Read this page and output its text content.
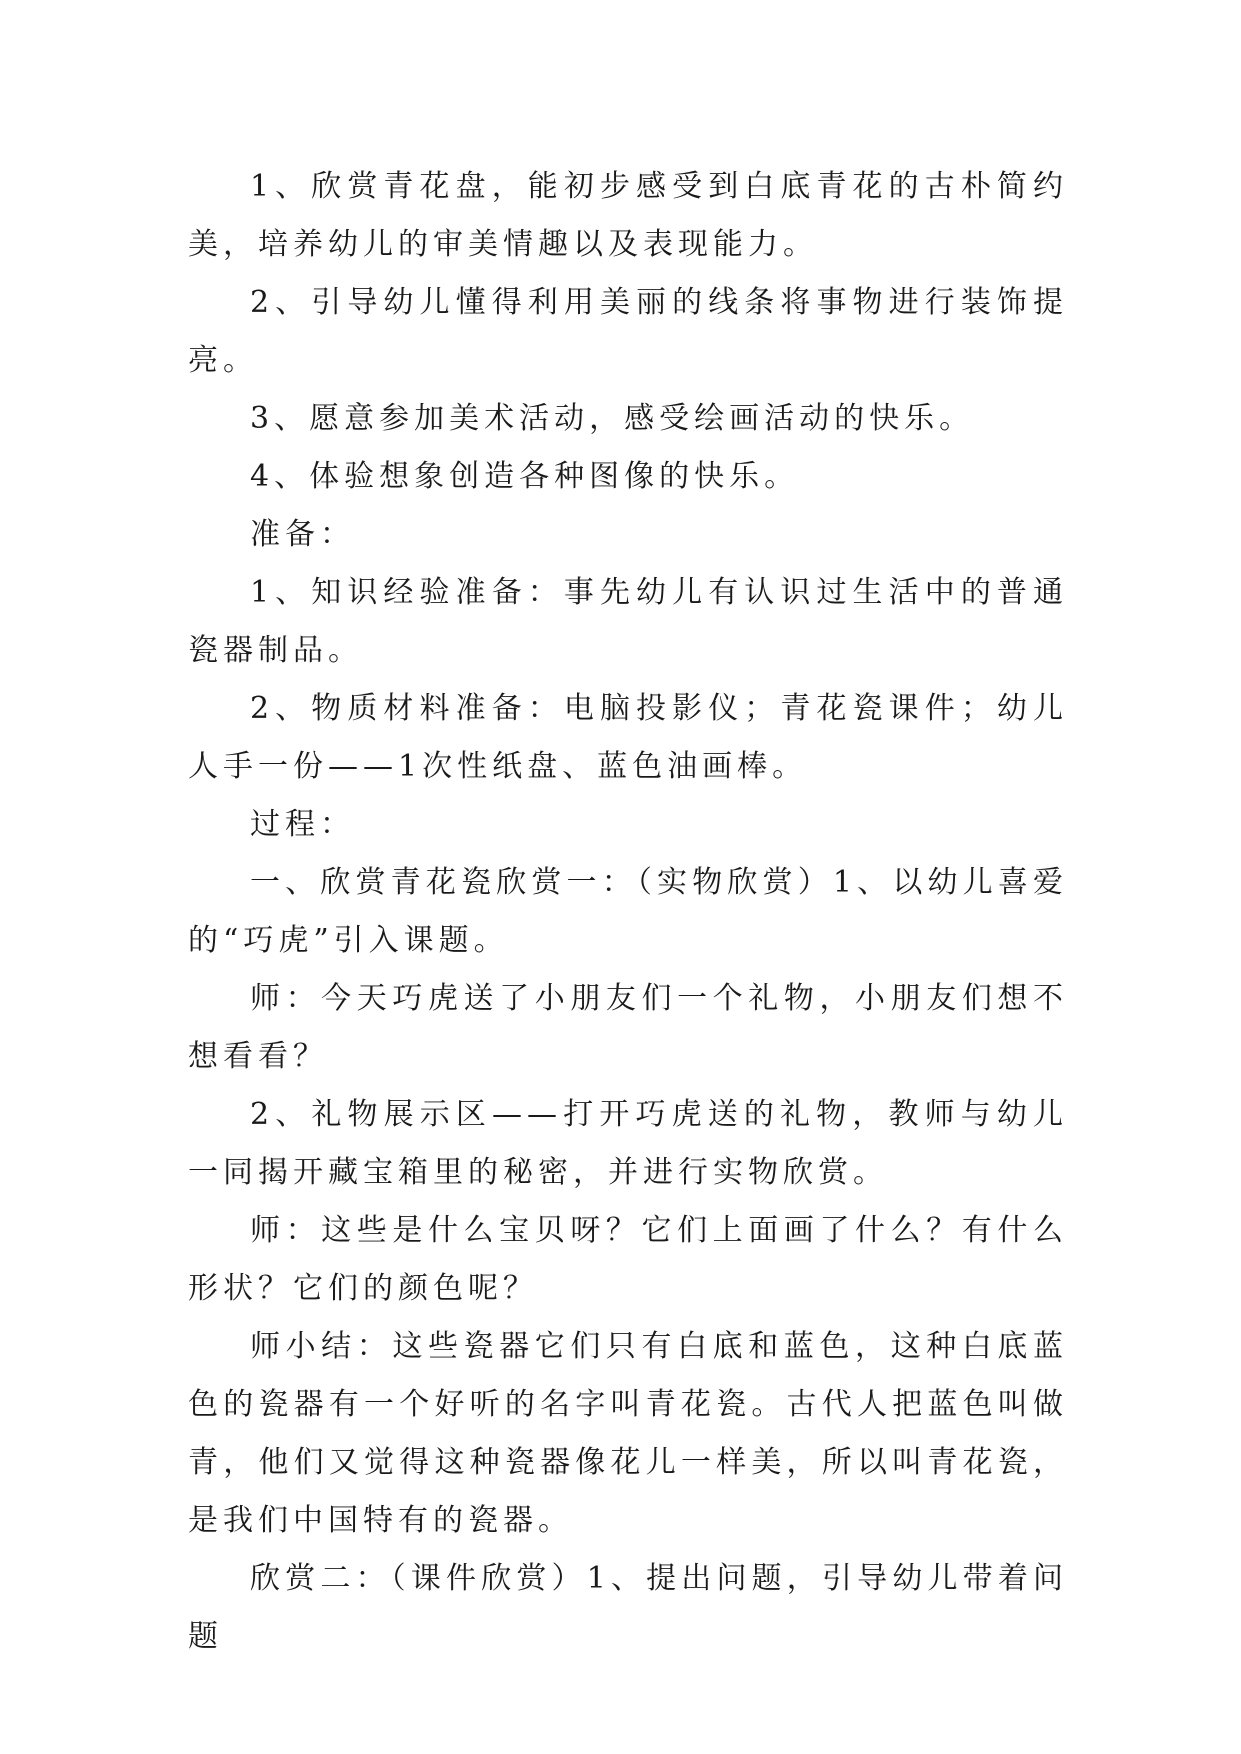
1、欣赏青花盘，能初步感受到白底青花的古朴简约美，培养幼儿的审美情趣以及表现能力。

2、引导幼儿懂得利用美丽的线条将事物进行装饰提亮。

3、愿意参加美术活动，感受绘画活动的快乐。

4、体验想象创造各种图像的快乐。

准备：

1、知识经验准备：事先幼儿有认识过生活中的普通瓷器制品。

2、物质材料准备：电脑投影仪；青花瓷课件；幼儿人手一份——1次性纸盘、蓝色油画棒。

过程：

一、欣赏青花瓷欣赏一：（实物欣赏）1、以幼儿喜爱的“巧虎”引入课题。

师：今天巧虎送了小朋友们一个礼物，小朋友们想不想看看？

2、礼物展示区——打开巧虎送的礼物，教师与幼儿一同揭开藏宝箱里的秘密，并进行实物欣赏。

师：这些是什么宝贝呀？它们上面画了什么？有什么形状？它们的颜色呢？

师小结：这些瓷器它们只有白底和蓝色，这种白底蓝色的瓷器有一个好听的名字叫青花瓷。古代人把蓝色叫做青，他们又觉得这种瓷器像花儿一样美，所以叫青花瓷，是我们中国特有的瓷器。

欣赏二：（课件欣赏）1、提出问题，引导幼儿带着问题
